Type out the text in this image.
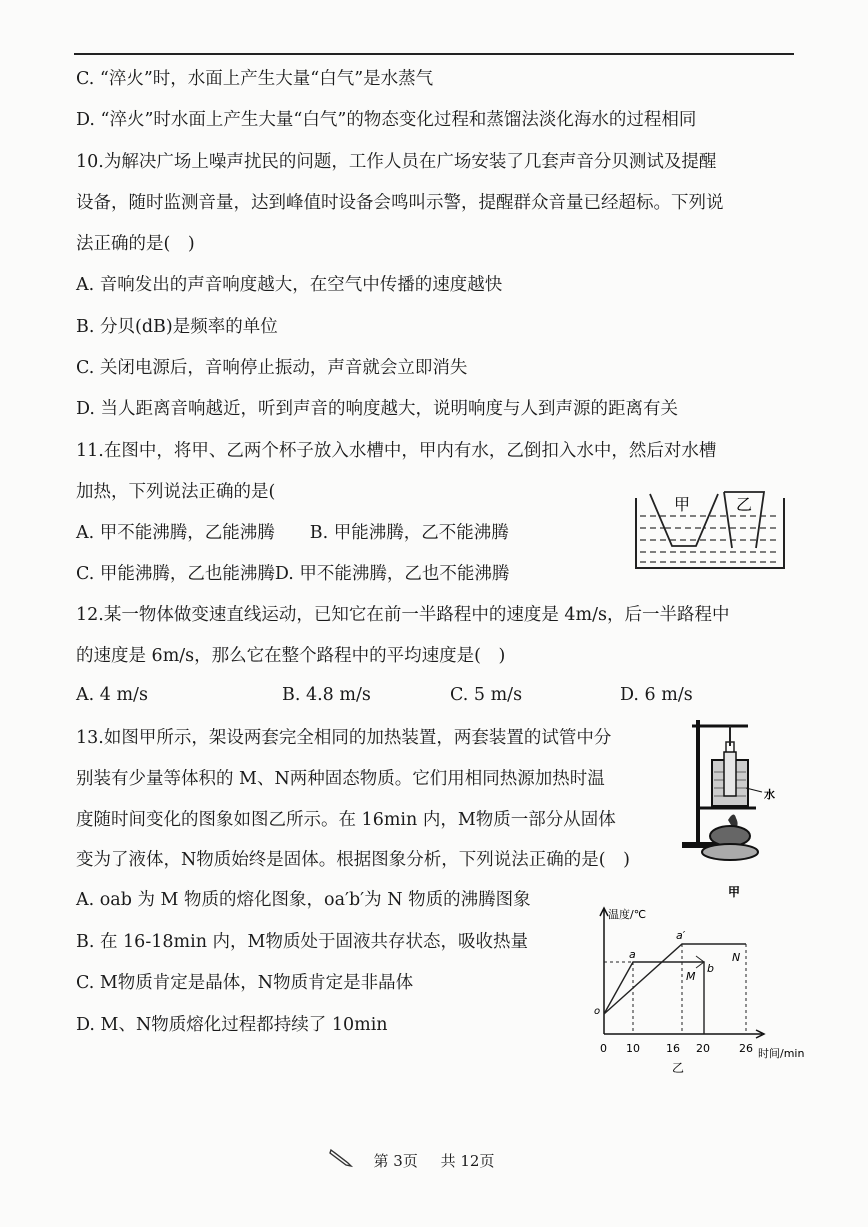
C. “淬火”时，水面上产生大量“白气”是水蒸气
D. “淬火”时水面上产生大量“白气”的物态变化过程和蒸馏法淡化海水的过程相同
10.为解决广场上噪声扰民的问题，工作人员在广场安装了几套声音分贝测试及提醒
设备，随时监测音量，达到峰值时设备会鸣叫示警，提醒群众音量已经超标。下列说
法正确的是(　)
A. 音响发出的声音响度越大，在空气中传播的速度越快
B. 分贝(dB)是频率的单位
C. 关闭电源后，音响停止振动，声音就会立即消失
D. 当人距离音响越近，听到声音的响度越大，说明响度与人到声源的距离有关
11.在图中，将甲、乙两个杯子放入水槽中，甲内有水，乙倒扣入水中，然后对水槽
加热，下列说法正确的是(
A. 甲不能沸腾，乙能沸腾　　B. 甲能沸腾，乙不能沸腾
C. 甲能沸腾，乙也能沸腾D. 甲不能沸腾，乙也不能沸腾
12.某一物体做变速直线运动，已知它在前一半路程中的速度是 4m/s，后一半路程中
的速度是 6m/s，那么它在整个路程中的平均速度是(　)
A. 4 m/s	B. 4.8 m/s	C. 5 m/s	D. 6 m/s
13.如图甲所示，架设两套完全相同的加热装置，两套装置的试管中分
别装有少量等体积的 M、N两种固态物质。它们用相同热源加热时温
度随时间变化的图象如图乙所示。在 16min 内，M物质一部分从固体
变为了液体，N物质始终是固体。根据图象分析，下列说法正确的是(　)
A. oab 为 M 物质的熔化图象，oa′b′为 N 物质的沸腾图象
B. 在 16-18min 内，M物质处于固液共存状态，吸收热量
C. M物质肯定是晶体，N物质肯定是非晶体
D. M、N物质熔化过程都持续了 10min
甲	乙
水
甲
温度/℃
时间/min
o
a
a′
b
M
N
0 10 16 20	26
乙
第 3页 共 12页
